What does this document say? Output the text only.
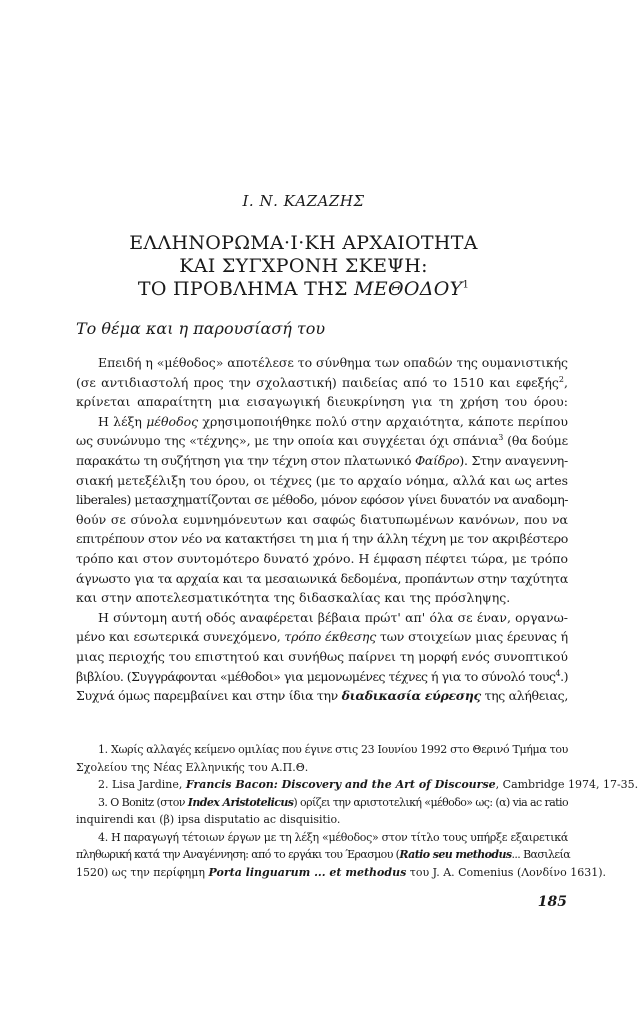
Ι. Ν. ΚΑΖΑΖΗΣ
ΕΛΛΗΝΟΡΩΜΑ·Ι·ΚΗ ΑΡΧΑΙΟΤΗΤΑ
ΚΑΙ ΣΥΓΧΡΟΝΗ ΣΚΕΨΗ:
ΤΟ ΠΡΟΒΛΗΜΑ ΤΗΣ ΜΕΘΟΔΟΥ$^1$
Το θέμα και η παρουσίασή του
Επειδή η «μέθοδος» αποτέλεσε το σύνθημα των οπαδών της ουμανιστικής
(σε αντιδιαστολή προς την σχολαστική) παιδείας από το 1510 και εφεξής$^2$,
κρίνεται απαραίτητη μια εισαγωγική διευκρίνηση για τη χρήση του όρου:
Η λέξη μέθοδος χρησιμοποιήθηκε πολύ στην αρχαιότητα, κάποτε περίπου
ως συνώνυμο της «τέχνης», με την οποία και συγχέεται όχι σπάνια$^3$ (θα δούμε
παρακάτω τη συζήτηση για την τέχνη στον πλατωνικό Φαίδρο). Στην αναγεννη-
σιακή μετεξέλιξη του όρου, οι τέχνες (με το αρχαίο νόημα, αλλά και ως artes
liberales) μετασχηματίζονται σε μέθοδο, μόνον εφόσον γίνει δυνατόν να αναδομη-
θούν σε σύνολα ευμνημόνευτων και σαφώς διατυπωμένων κανόνων, που να
επιτρέπουν στον νέο να κατακτήσει τη μια ή την άλλη τέχνη με τον ακριβέστερο
τρόπο και στον συντομότερο δυνατό χρόνο. Η έμφαση πέφτει τώρα, με τρόπο
άγνωστο για τα αρχαία και τα μεσαιωνικά δεδομένα, προπάντων στην ταχύτητα
και στην αποτελεσματικότητα της διδασκαλίας και της πρόσληψης.
Η σύντομη αυτή οδός αναφέρεται βέβαια πρώτ' απ' όλα σε έναν, οργανω-
μένο και εσωτερικά συνεχόμενο, τρόπο έκθεσης των στοιχείων μιας έρευνας ή
μιας περιοχής του επιστητού και συνήθως παίρνει τη μορφή ενός συνοπτικού
βιβλίου. (Συγγράφονται «μέθοδοι» για μεμονωμένες τέχνες ή για το σύνολό τους$^4$.)
Συχνά όμως παρεμβαίνει και στην ίδια την διαδικασία εύρεσης της αλήθειας,
1. Χωρίς αλλαγές κείμενο ομιλίας που έγινε στις 23 Ιουνίου 1992 στο Θερινό Τμήμα του
Σχολείου της Νέας Ελληνικής του Α.Π.Θ.
2. Lisa Jardine, Francis Bacon: Discovery and the Art of Discourse, Cambridge 1974, 17-35.
3. Ο Bonitz (στον Index Aristotelicus) ορίζει την αριστοτελική «μέθοδο» ως: (α) via ac ratio
inquirendi και (β) ipsa disputatio ac disquisitio.
4. Η παραγωγή τέτοιων έργων με τη λέξη «μέθοδος» στον τίτλο τους υπήρξε εξαιρετικά
πληθωρική κατά την Αναγέννηση: από το εργάκι του Έρασμου (Ratio seu methodus... Βασιλεία
1520) ως την περίφημη Porta linguarum ... et methodus του J. A. Comenius (Λονδίνο 1631).
185
